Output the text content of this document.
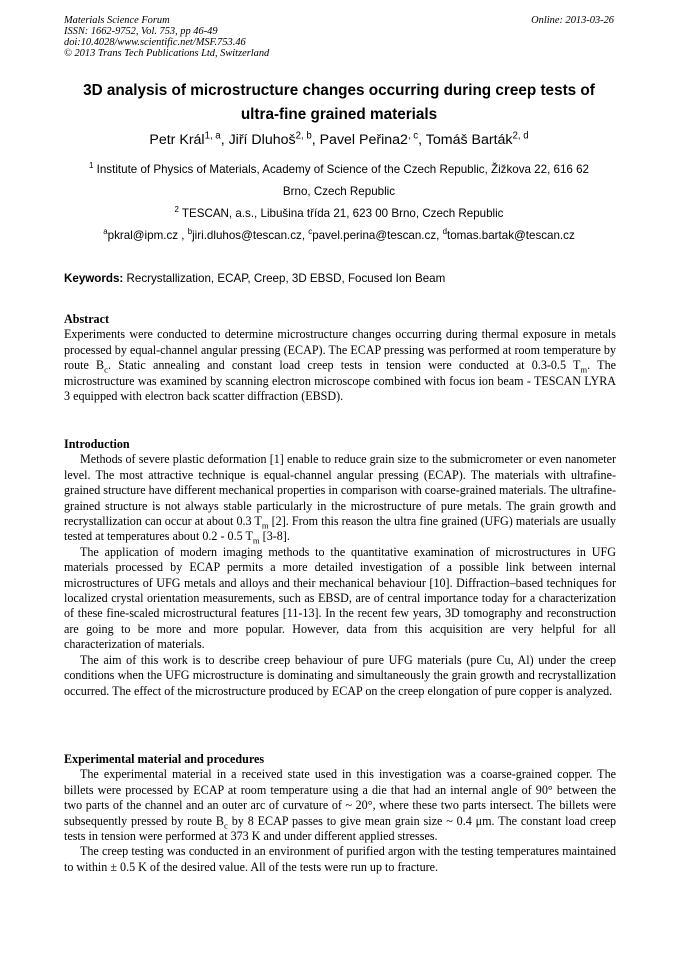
Materials Science Forum
ISSN: 1662-9752, Vol. 753, pp 46-49
doi:10.4028/www.scientific.net/MSF.753.46
© 2013 Trans Tech Publications Ltd, Switzerland
Online: 2013-03-26
3D analysis of microstructure changes occurring during creep tests of
ultra-fine grained materials
Petr Král$^{1, a}$, Jiří Dluhoš$^{2, b}$, Pavel $Peřina2^{, c}$, Tomáš Barták$^{2, d}$
$^1$ Institute of Physics of Materials, Academy of Science of the Czech Republic, Žižkova 22, 616 62
Brno, Czech Republic
$^2$ TESCAN, a.s., Libušina třída 21, 623 00 Brno, Czech Republic
$^a$pkral@ipm.cz , $^b$jiri.dluhos@tescan.cz, $^c$pavel.perina@tescan.cz, $^d$tomas.bartak@tescan.cz
Keywords: Recrystallization, ECAP, Creep, 3D EBSD, Focused Ion Beam
Abstract

Experiments were conducted to determine microstructure changes occurring during thermal exposure in metals processed by equal-channel angular pressing (ECAP). The ECAP pressing was performed at room temperature by route $B_c$. Static annealing and constant load creep tests in tension were conducted at 0.3-0.5 $T_m$. The microstructure was examined by scanning electron microscope combined with focus ion beam - TESCAN LYRA 3 equipped with electron back scatter diffraction (EBSD).

Introduction

Methods of severe plastic deformation [1] enable to reduce grain size to the submicrometer or even nanometer level. The most attractive technique is equal-channel angular pressing (ECAP). The materials with ultrafine-grained structure have different mechanical properties in comparison with coarse-grained materials. The ultrafine-grained structure is not always stable particularly in the microstructure of pure metals. The grain growth and recrystallization can occur at about 0.3 $T_m$ [2]. From this reason the ultra fine grained (UFG) materials are usually tested at temperatures about 0.2 - 0.5 $T_m$ [3-8].

The application of modern imaging methods to the quantitative examination of microstructures in UFG materials processed by ECAP permits a more detailed investigation of a possible link between internal microstructures of UFG metals and alloys and their mechanical behaviour [10]. Diffraction–based techniques for localized crystal orientation measurements, such as EBSD, are of central importance today for a characterization of these fine-scaled microstructural features [11-13]. In the recent few years, 3D tomography and reconstruction are going to be more and more popular. However, data from this acquisition are very helpful for all characterization of materials.

The aim of this work is to describe creep behaviour of pure UFG materials (pure Cu, Al) under the creep conditions when the UFG microstructure is dominating and simultaneously the grain growth and recrystallization occurred. The effect of the microstructure produced by ECAP on the creep elongation of pure copper is analyzed.

Experimental material and procedures

The experimental material in a received state used in this investigation was a coarse-grained copper. The billets were processed by ECAP at room temperature using a die that had an internal angle of 90° between the two parts of the channel and an outer arc of curvature of ~ 20°, where these two parts intersect. The billets were subsequently pressed by route $B_c$ by 8 ECAP passes to give mean grain size ~ 0.4 μm. The constant load creep tests in tension were performed at 373 K and under different applied stresses.

The creep testing was conducted in an environment of purified argon with the testing temperatures maintained to within ± 0.5 K of the desired value. All of the tests were run up to fracture.
